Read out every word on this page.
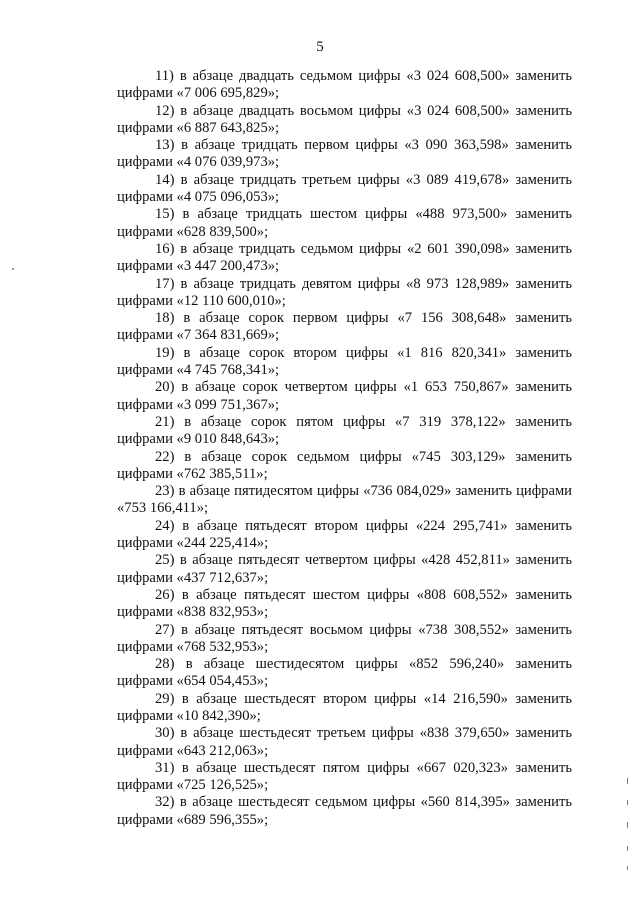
5

11) в абзаце двадцать седьмом цифры «3 024 608,500» заменить цифрами «7 006 695,829»;

12) в абзаце двадцать восьмом цифры «3 024 608,500» заменить цифрами «6 887 643,825»;

13) в абзаце тридцать первом цифры «3 090 363,598» заменить цифрами «4 076 039,973»;

14) в абзаце тридцать третьем цифры «3 089 419,678» заменить цифрами «4 075 096,053»;

15) в абзаце тридцать шестом цифры «488 973,500» заменить цифрами «628 839,500»;

16) в абзаце тридцать седьмом цифры «2 601 390,098» заменить цифрами «3 447 200,473»;

17) в абзаце тридцать девятом цифры «8 973 128,989» заменить цифрами «12 110 600,010»;

18) в абзаце сорок первом цифры «7 156 308,648» заменить цифрами «7 364 831,669»;

19) в абзаце сорок втором цифры «1 816 820,341» заменить цифрами «4 745 768,341»;

20) в абзаце сорок четвертом цифры «1 653 750,867» заменить цифрами «3 099 751,367»;

21) в абзаце сорок пятом цифры «7 319 378,122» заменить цифрами «9 010 848,643»;

22) в абзаце сорок седьмом цифры «745 303,129» заменить цифрами «762 385,511»;

23) в абзаце пятидесятом цифры «736 084,029» заменить цифрами «753 166,411»;

24) в абзаце пятьдесят втором цифры «224 295,741» заменить цифрами «244 225,414»;

25) в абзаце пятьдесят четвертом цифры «428 452,811» заменить цифрами «437 712,637»;

26) в абзаце пятьдесят шестом цифры «808 608,552» заменить цифрами «838 832,953»;

27) в абзаце пятьдесят восьмом цифры «738 308,552» заменить цифрами «768 532,953»;

28) в абзаце шестидесятом цифры «852 596,240» заменить цифрами «654 054,453»;

29) в абзаце шестьдесят втором цифры «14 216,590» заменить цифрами «10 842,390»;

30) в абзаце шестьдесят третьем цифры «838 379,650» заменить цифрами «643 212,063»;

31) в абзаце шестьдесят пятом цифры «667 020,323» заменить цифрами «725 126,525»;

32) в абзаце шестьдесят седьмом цифры «560 814,395» заменить цифрами «689 596,355»;
